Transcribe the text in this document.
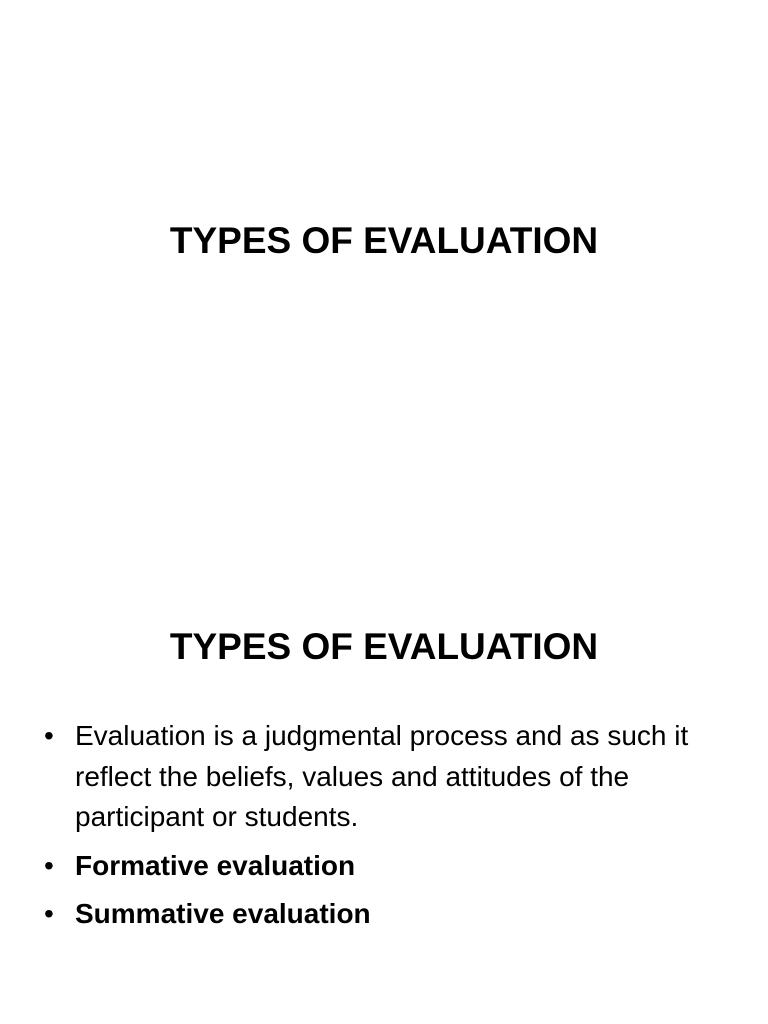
TYPES OF EVALUATION
TYPES OF EVALUATION
• Evaluation is a judgmental process and as such it reflect the beliefs, values and attitudes of the participant or students.
• Formative evaluation
• Summative evaluation
